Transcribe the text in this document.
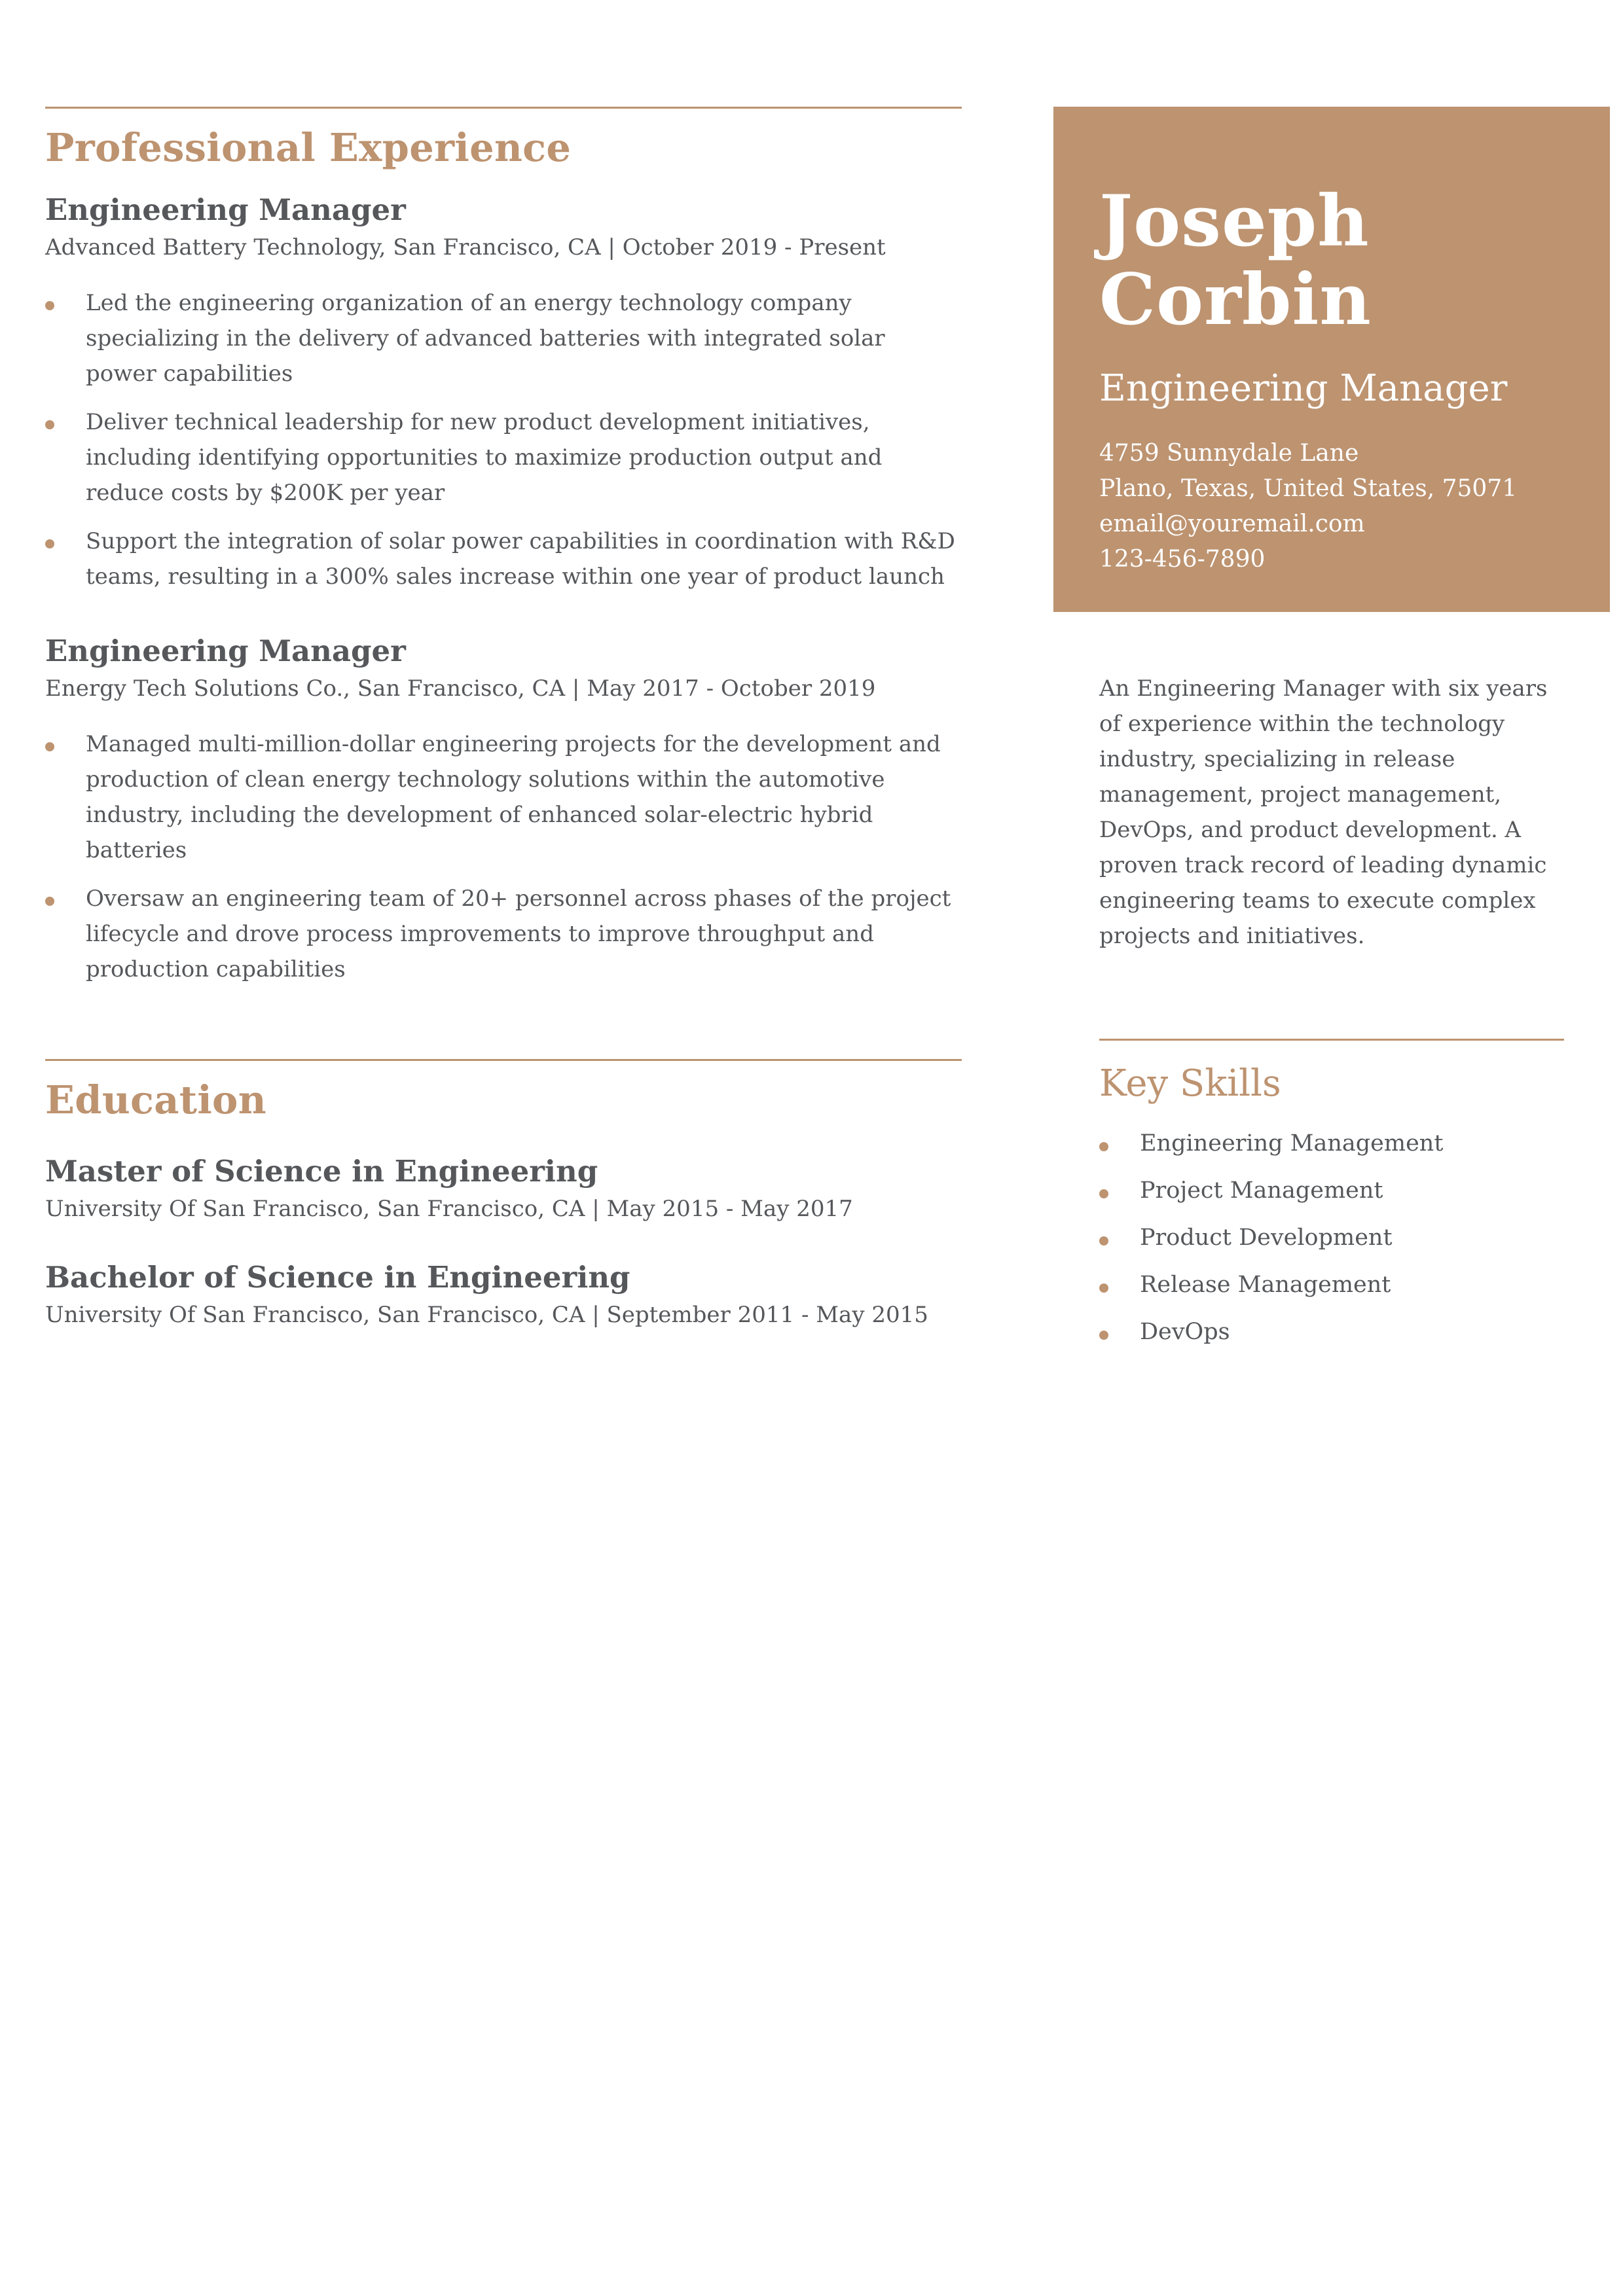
Professional Experience
Engineering Manager
Advanced Battery Technology, San Francisco, CA | October 2019 - Present
Led the engineering organization of an energy technology company specializing in the delivery of advanced batteries with integrated solar power capabilities
Deliver technical leadership for new product development initiatives, including identifying opportunities to maximize production output and reduce costs by $200K per year
Support the integration of solar power capabilities in coordination with R&D teams, resulting in a 300% sales increase within one year of product launch
Engineering Manager
Energy Tech Solutions Co., San Francisco, CA | May 2017 - October 2019
Managed multi-million-dollar engineering projects for the development and production of clean energy technology solutions within the automotive industry, including the development of enhanced solar-electric hybrid batteries
Oversaw an engineering team of 20+ personnel across phases of the project lifecycle and drove process improvements to improve throughput and production capabilities
Education
Master of Science in Engineering
University Of San Francisco, San Francisco, CA | May 2015 - May 2017
Bachelor of Science in Engineering
University Of San Francisco, San Francisco, CA | September 2011 - May 2015
Joseph
Corbin
Engineering Manager
4759 Sunnydale Lane
Plano, Texas, United States, 75071
email@youremail.com
123-456-7890

An Engineering Manager with six years of experience within the technology industry, specializing in release management, project management, DevOps, and product development. A proven track record of leading dynamic engineering teams to execute complex projects and initiatives.

Key Skills
Engineering Management
Project Management
Product Development
Release Management
DevOps
